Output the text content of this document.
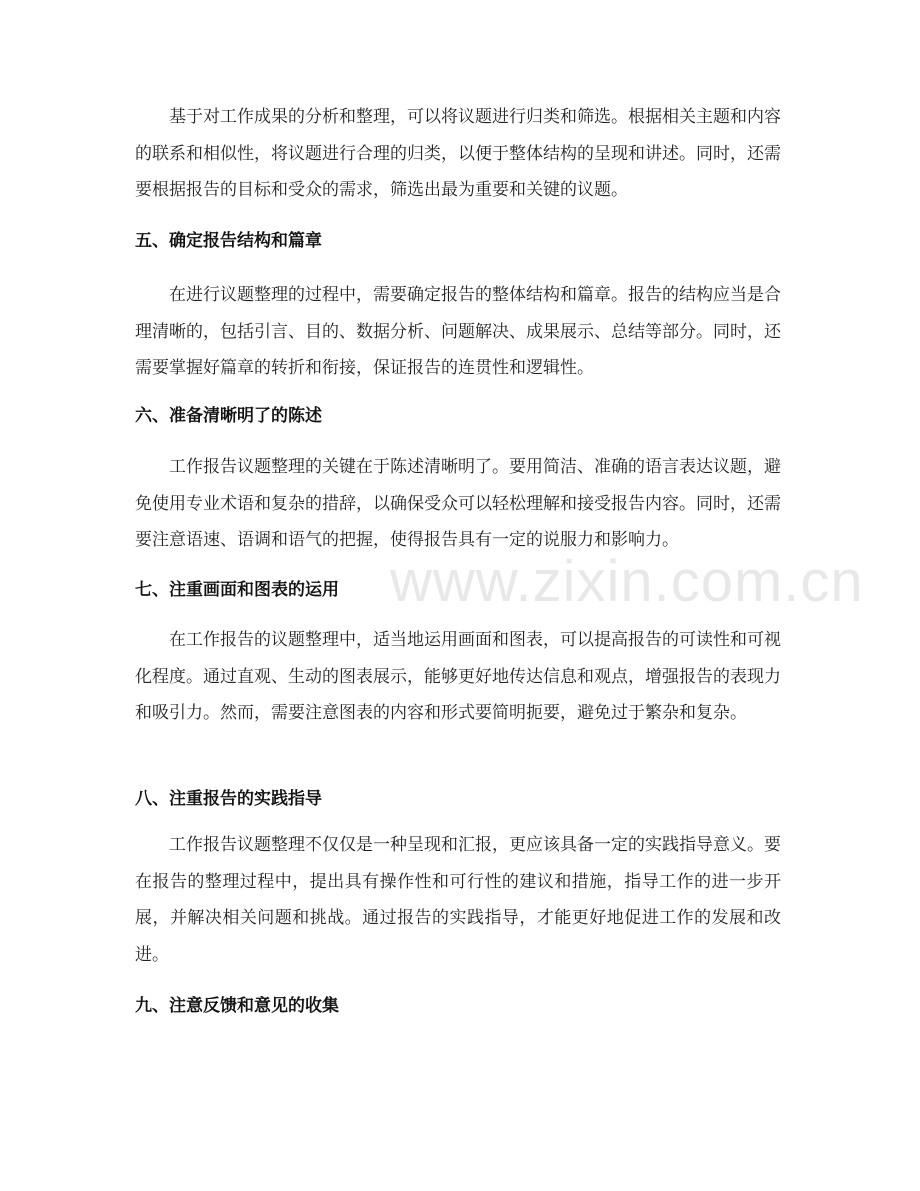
www.zixin.com.cn

基于对工作成果的分析和整理，可以将议题进行归类和筛选。根据相关主题和内容的联系和相似性，将议题进行合理的归类，以便于整体结构的呈现和讲述。同时，还需要根据报告的目标和受众的需求，筛选出最为重要和关键的议题。

五、确定报告结构和篇章

在进行议题整理的过程中，需要确定报告的整体结构和篇章。报告的结构应当是合理清晰的，包括引言、目的、数据分析、问题解决、成果展示、总结等部分。同时，还需要掌握好篇章的转折和衔接，保证报告的连贯性和逻辑性。

六、准备清晰明了的陈述

工作报告议题整理的关键在于陈述清晰明了。要用简洁、准确的语言表达议题，避免使用专业术语和复杂的措辞，以确保受众可以轻松理解和接受报告内容。同时，还需要注意语速、语调和语气的把握，使得报告具有一定的说服力和影响力。

七、注重画面和图表的运用

在工作报告的议题整理中，适当地运用画面和图表，可以提高报告的可读性和可视化程度。通过直观、生动的图表展示，能够更好地传达信息和观点，增强报告的表现力和吸引力。然而，需要注意图表的内容和形式要简明扼要，避免过于繁杂和复杂。

八、注重报告的实践指导

工作报告议题整理不仅仅是一种呈现和汇报，更应该具备一定的实践指导意义。要在报告的整理过程中，提出具有操作性和可行性的建议和措施，指导工作的进一步开展，并解决相关问题和挑战。通过报告的实践指导，才能更好地促进工作的发展和改进。

九、注意反馈和意见的收集
